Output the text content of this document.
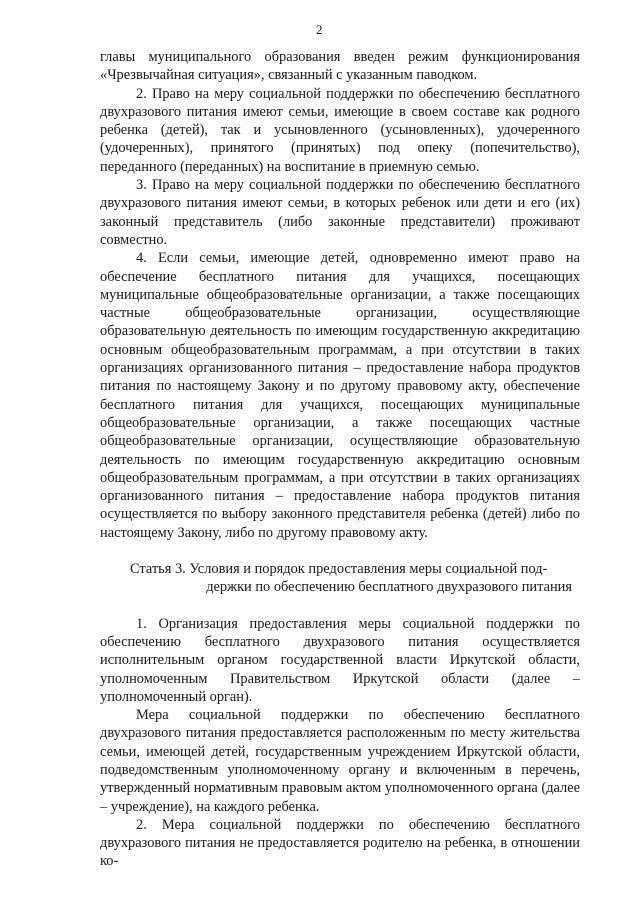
2

главы муниципального образования введен режим функционирования «Чрезвычайная ситуация», связанный с указанным паводком.

2. Право на меру социальной поддержки по обеспечению бесплатного двухразового питания имеют семьи, имеющие в своем составе как родного ребенка (детей), так и усыновленного (усыновленных), удочеренного (удочеренных), принятого (принятых) под опеку (попечительство), переданного (переданных) на воспитание в приемную семью.

3. Право на меру социальной поддержки по обеспечению бесплатного двухразового питания имеют семьи, в которых ребенок или дети и его (их) законный представитель (либо законные представители) проживают совместно.

4. Если семьи, имеющие детей, одновременно имеют право на обеспечение бесплатного питания для учащихся, посещающих муниципальные общеобразовательные организации, а также посещающих частные общеобразовательные организации, осуществляющие образовательную деятельность по имеющим государственную аккредитацию основным общеобразовательным программам, а при отсутствии в таких организациях организованного питания – предоставление набора продуктов питания по настоящему Закону и по другому правовому акту, обеспечение бесплатного питания для учащихся, посещающих муниципальные общеобразовательные организации, а также посещающих частные общеобразовательные организации, осуществляющие образовательную деятельность по имеющим государственную аккредитацию основным общеобразовательным программам, а при отсутствии в таких организациях организованного питания – предоставление набора продуктов питания осуществляется по выбору законного представителя ребенка (детей) либо по настоящему Закону, либо по другому правовому акту.

Статья 3. Условия и порядок предоставления меры социальной под-
держки по обеспечению бесплатного двухразового питания

1. Организация предоставления меры социальной поддержки по обеспечению бесплатного двухразового питания осуществляется исполнительным органом государственной власти Иркутской области, уполномоченным Правительством Иркутской области (далее – уполномоченный орган).

Мера социальной поддержки по обеспечению бесплатного двухразового питания предоставляется расположенным по месту жительства семьи, имеющей детей, государственным учреждением Иркутской области, подведомственным уполномоченному органу и включенным в перечень, утвержденный нормативным правовым актом уполномоченного органа (далее – учреждение), на каждого ребенка.

2. Мера социальной поддержки по обеспечению бесплатного двухразового питания не предоставляется родителю на ребенка, в отношении ко-
